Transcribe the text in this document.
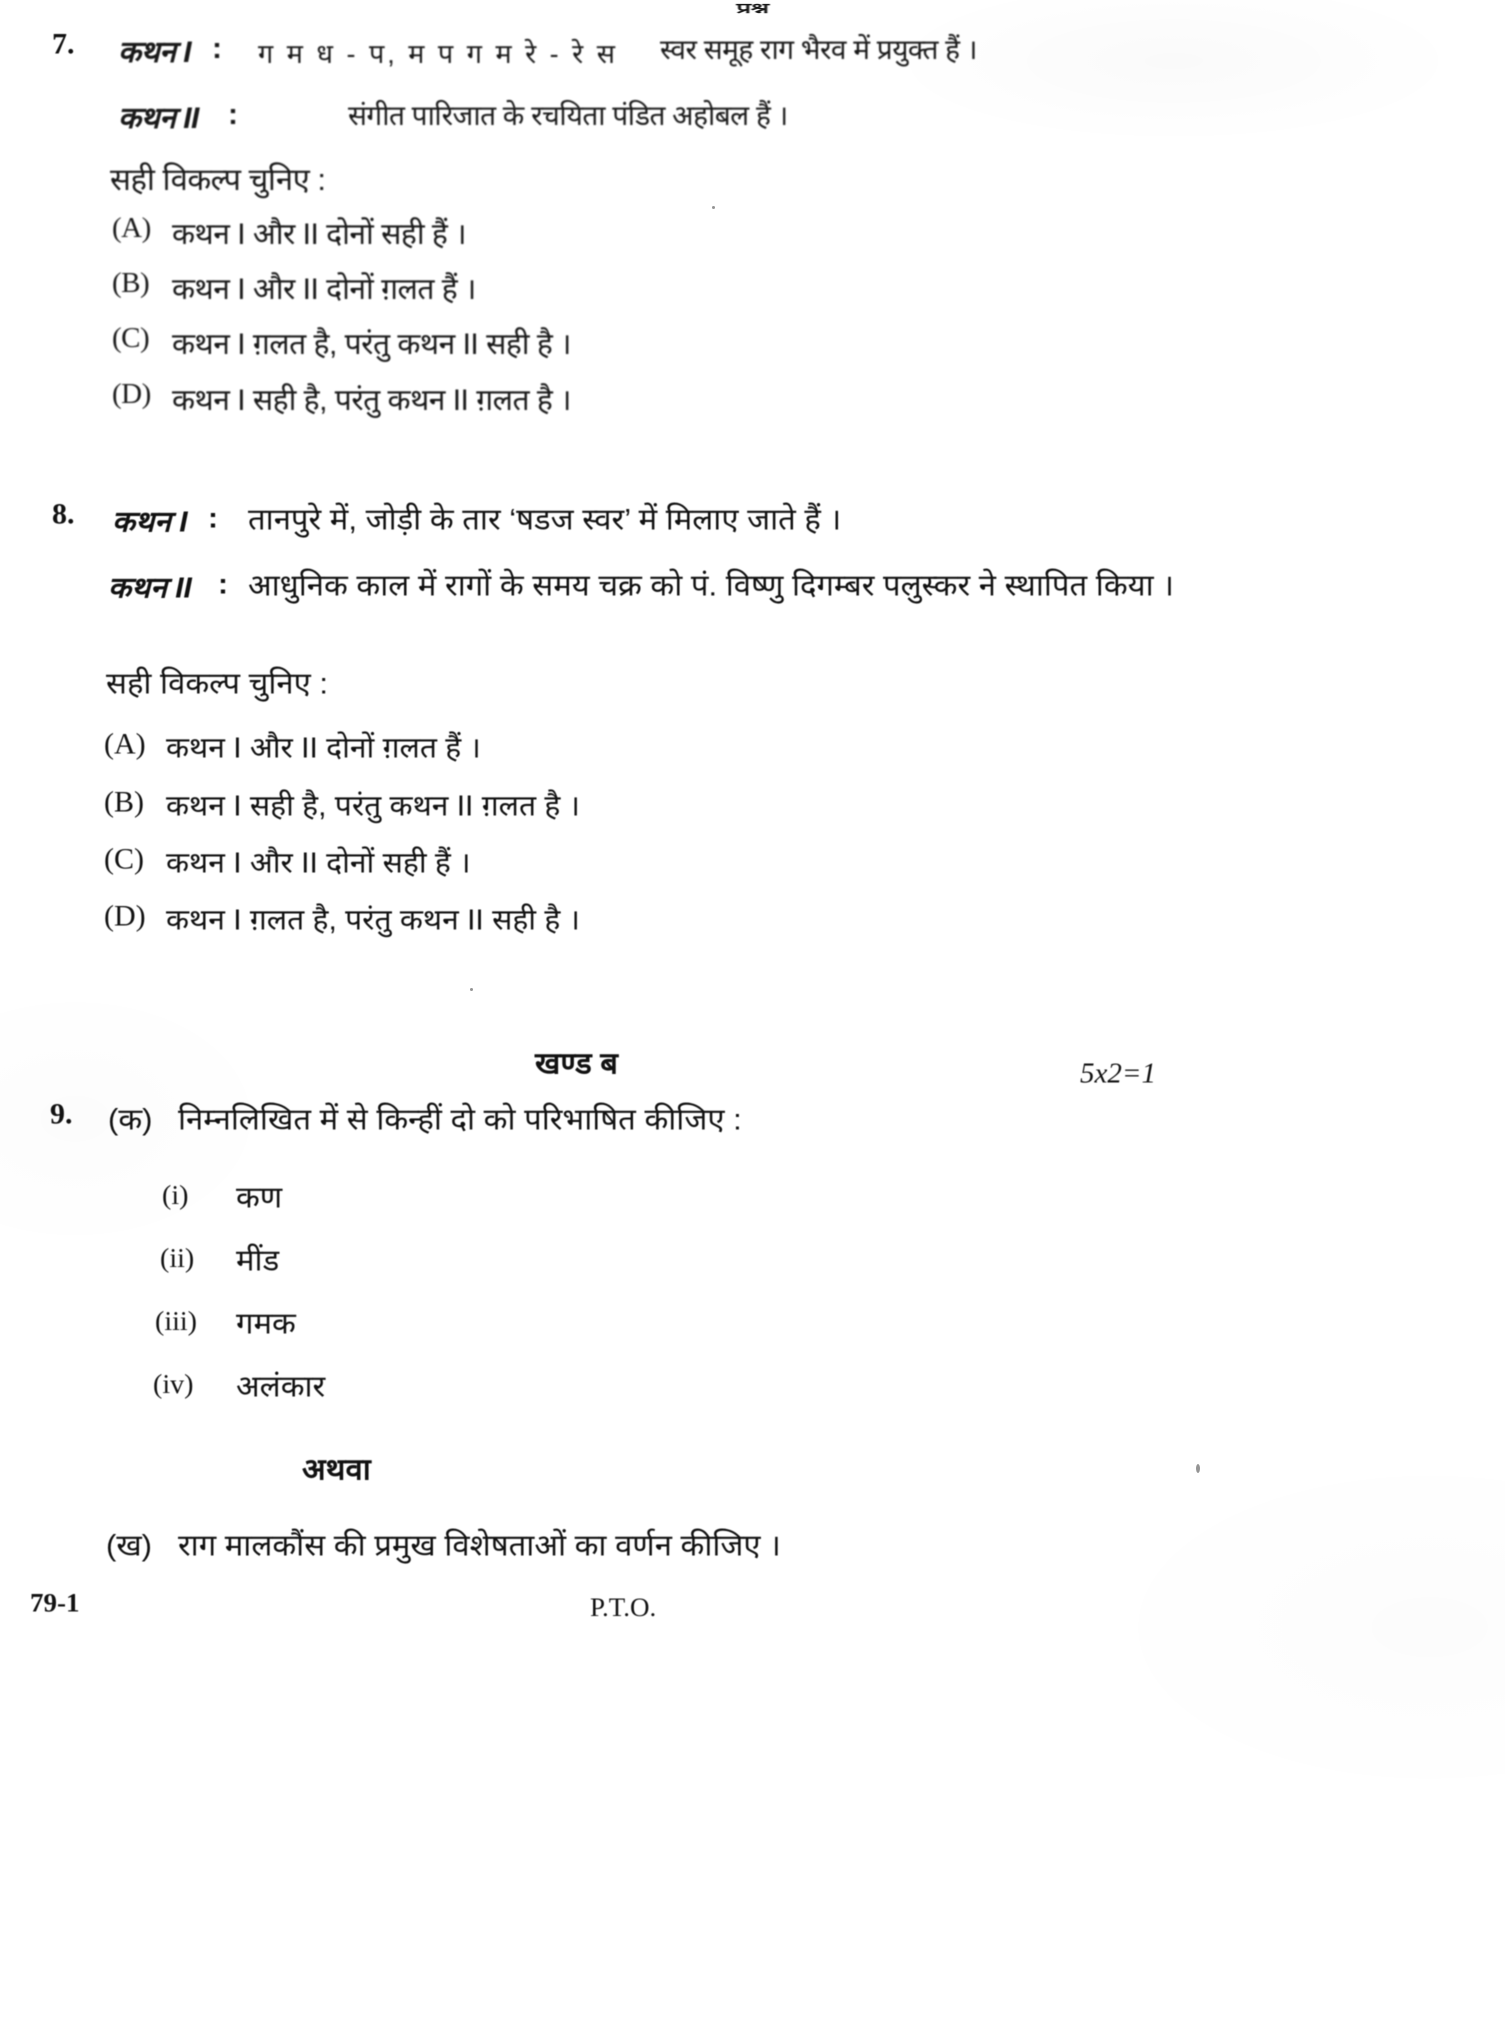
प्रश्न
7. कथन I : ग म ध - प, म प ग म रे - रे स स्वर समूह राग भैरव में प्रयुक्त हैं ।
कथन II :	संगीत पारिजात के रचयिता पंडित अहोबल हैं ।
सही विकल्प चुनिए :
(A) कथन I और II दोनों सही हैं ।
(B) कथन I और II दोनों ग़लत हैं ।
(C) कथन I ग़लत है, परंतु कथन II सही है ।
(D) कथन I सही है, परंतु कथन II ग़लत है ।
8. कथन I : तानपुरे में, जोड़ी के तार ‘षडज स्वर’ में मिलाए जाते हैं ।
कथन II : आधुनिक काल में रागों के समय चक्र को पं. विष्णु दिगम्बर पलुस्कर ने स्थापित किया ।
सही विकल्प चुनिए :
(A) कथन I और II दोनों ग़लत हैं ।
(B) कथन I सही है, परंतु कथन II ग़लत है ।
(C) कथन I और II दोनों सही हैं ।
(D) कथन I ग़लत है, परंतु कथन II सही है ।
खण्ड ब	5x2=1
9. (क) निम्नलिखित में से किन्हीं दो को परिभाषित कीजिए :
(i) कण
(ii) मींड
(iii) गमक
(iv) अलंकार
अथवा
(ख) राग मालकौंस की प्रमुख विशेषताओं का वर्णन कीजिए ।
79-1	P.T.O.
